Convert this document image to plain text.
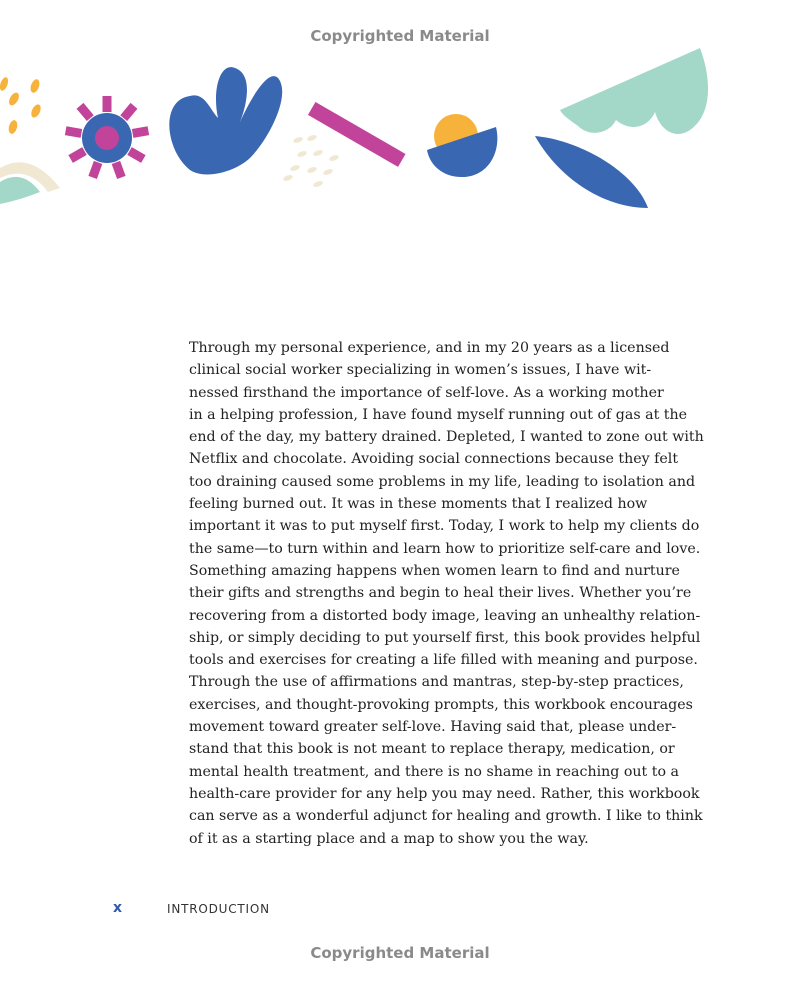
Copyrighted Material

Through my personal experience, and in my 20 years as a licensed
clinical social worker specializing in women’s issues, I have wit-
nessed firsthand the importance of self-love. As a working mother
in a helping profession, I have found myself running out of gas at the
end of the day, my battery drained. Depleted, I wanted to zone out with
Netflix and chocolate. Avoiding social connections because they felt
too draining caused some problems in my life, leading to isolation and
feeling burned out. It was in these moments that I realized how
important it was to put myself first. Today, I work to help my clients do
the same—to turn within and learn how to prioritize self-care and love.

Something amazing happens when women learn to find and nurture
their gifts and strengths and begin to heal their lives. Whether you’re
recovering from a distorted body image, leaving an unhealthy relation-
ship, or simply deciding to put yourself first, this book provides helpful
tools and exercises for creating a life filled with meaning and purpose.
Through the use of affirmations and mantras, step-by-step practices,
exercises, and thought-provoking prompts, this workbook encourages
movement toward greater self-love. Having said that, please under-
stand that this book is not meant to replace therapy, medication, or
mental health treatment, and there is no shame in reaching out to a
health-care provider for any help you may need. Rather, this workbook
can serve as a wonderful adjunct for healing and growth. I like to think
of it as a starting place and a map to show you the way.

x	INTRODUCTION
Copyrighted Material
